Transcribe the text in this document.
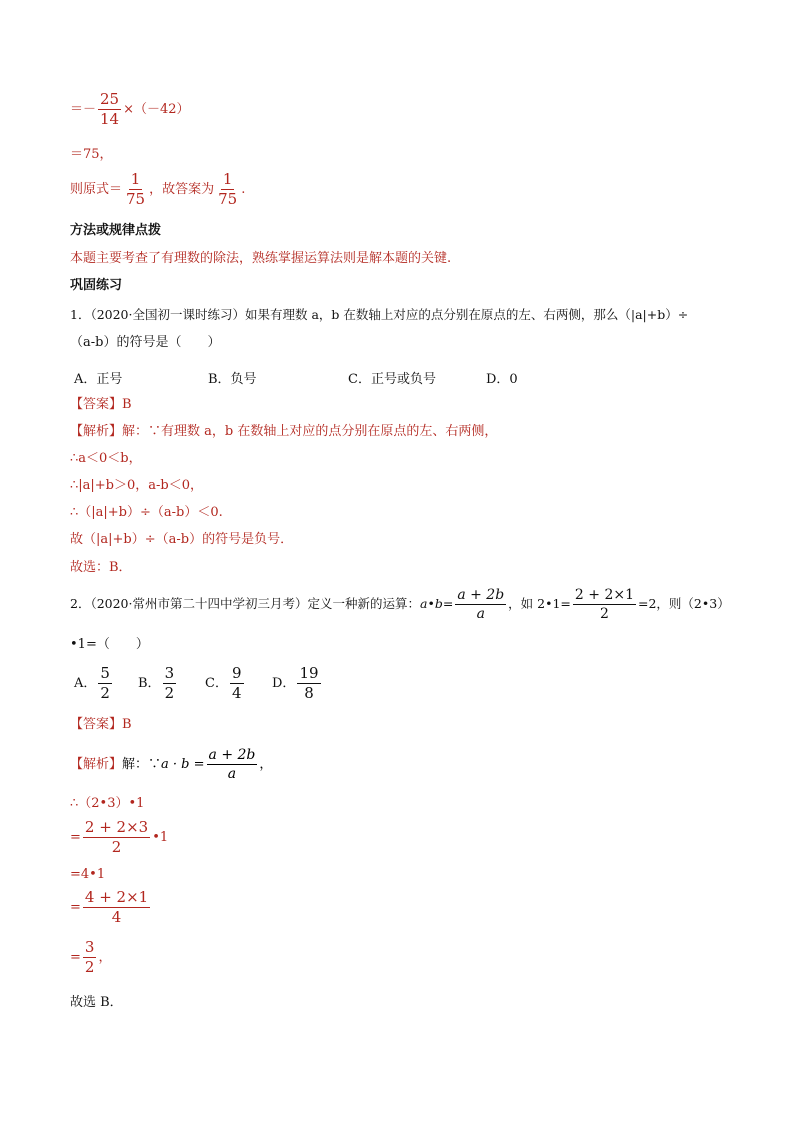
＝－ $\frac{25}{14} \times(-42)$
＝75，
则原式＝ $\frac{1}{75}$ ，故答案为 $\frac{1}{75}$ .
方法或规律点拨
本题主要考查了有理数的除法，熟练掌握运算法则是解本题的关键.
巩固练习
1．（2020·全国初一课时练习）如果有理数 a，b 在数轴上对应的点分别在原点的左、右两侧，那么（|a|+b）÷
（a-b）的符号是（　　）
A．正号	B．负号	C．正号或负号	D．0
【答案】B
【解析】解：∵有理数 a，b 在数轴上对应的点分别在原点的左、右两侧，
∴a＜0＜b，
∴|a|+b＞0，a-b＜0，
∴（|a|+b）÷（a-b）＜0.
故（|a|+b）÷（a-b）的符号是负号．
故选：B．
2．（2020·常州市第二十四中学初三月考）定义一种新的运算：a•b= $\frac{a + 2b}{a}$ ，如 2•1= $\frac{2 + 2\times 1}{2} =2$，则（2•3）
•1=（　　）
A． $\frac{5}{2}$ B． $\frac{3}{2}$ C． $\frac{9}{4}$ D． $\frac{19}{8}$
【答案】B
【解析】解：∵a · $b = \frac{a + 2b}{a}$ ，
∴（2•3）•1
= $\frac{2 + 2\times 3}{2}$ •1
=4•1
= $\frac{4 + 2\times 1}{4}$
= $\frac{3}{2}$ ，
故选 B．
